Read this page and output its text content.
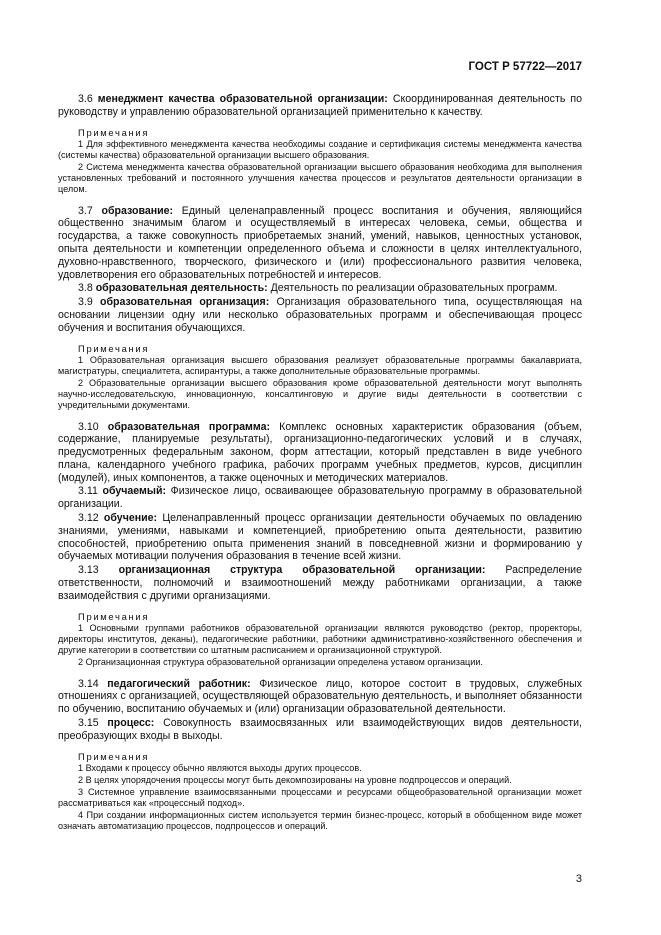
ГОСТ Р 57722—2017
3.6 менеджмент качества образовательной организации: Скоординированная деятельность по руководству и управлению образовательной организацией применительно к качеству.
Примечания
1 Для эффективного менеджмента качества необходимы создание и сертификация системы менеджмента качества (системы качества) образовательной организации высшего образования.
2 Система менеджмента качества образовательной организации высшего образования необходима для выполнения установленных требований и постоянного улучшения качества процессов и результатов деятельности организации в целом.
3.7 образование: Единый целенаправленный процесс воспитания и обучения, являющийся общественно значимым благом и осуществляемый в интересах человека, семьи, общества и государства, а также совокупность приобретаемых знаний, умений, навыков, ценностных установок, опыта деятельности и компетенции определенного объема и сложности в целях интеллектуального, духовно-нравственного, творческого, физического и (или) профессионального развития человека, удовлетворения его образовательных потребностей и интересов.
3.8 образовательная деятельность: Деятельность по реализации образовательных программ.
3.9 образовательная организация: Организация образовательного типа, осуществляющая на основании лицензии одну или несколько образовательных программ и обеспечивающая процесс обучения и воспитания обучающихся.
Примечания
1 Образовательная организация высшего образования реализует образовательные программы бакалавриата, магистратуры, специалитета, аспирантуры, а также дополнительные образовательные программы.
2 Образовательные организации высшего образования кроме образовательной деятельности могут выполнять научно-исследовательскую, инновационную, консалтинговую и другие виды деятельности в соответствии с учредительными документами.
3.10 образовательная программа: Комплекс основных характеристик образования (объем, содержание, планируемые результаты), организационно-педагогических условий и в случаях, предусмотренных федеральным законом, форм аттестации, который представлен в виде учебного плана, календарного учебного графика, рабочих программ учебных предметов, курсов, дисциплин (модулей), иных компонентов, а также оценочных и методических материалов.
3.11 обучаемый: Физическое лицо, осваивающее образовательную программу в образовательной организации.
3.12 обучение: Целенаправленный процесс организации деятельности обучаемых по овладению знаниями, умениями, навыками и компетенцией, приобретению опыта деятельности, развитию способностей, приобретению опыта применения знаний в повседневной жизни и формированию у обучаемых мотивации получения образования в течение всей жизни.
3.13 организационная структура образовательной организации: Распределение ответственности, полномочий и взаимоотношений между работниками организации, а также взаимодействия с другими организациями.
Примечания
1 Основными группами работников образовательной организации являются руководство (ректор, проректоры, директоры институтов, деканы), педагогические работники, работники административно-хозяйственного обеспечения и другие категории в соответствии со штатным расписанием и организационной структурой.
2 Организационная структура образовательной организации определена уставом организации.
3.14 педагогический работник: Физическое лицо, которое состоит в трудовых, служебных отношениях с организацией, осуществляющей образовательную деятельность, и выполняет обязанности по обучению, воспитанию обучаемых и (или) организации образовательной деятельности.
3.15 процесс: Совокупность взаимосвязанных или взаимодействующих видов деятельности, преобразующих входы в выходы.
Примечания
1 Входами к процессу обычно являются выходы других процессов.
2 В целях упорядочения процессы могут быть декомпозированы на уровне подпроцессов и операций.
3 Системное управление взаимосвязанными процессами и ресурсами общеобразовательной организации может рассматриваться как «процессный подход».
4 При создании информационных систем используется термин бизнес-процесс, который в обобщенном виде может означать автоматизацию процессов, подпроцессов и операций.
3
